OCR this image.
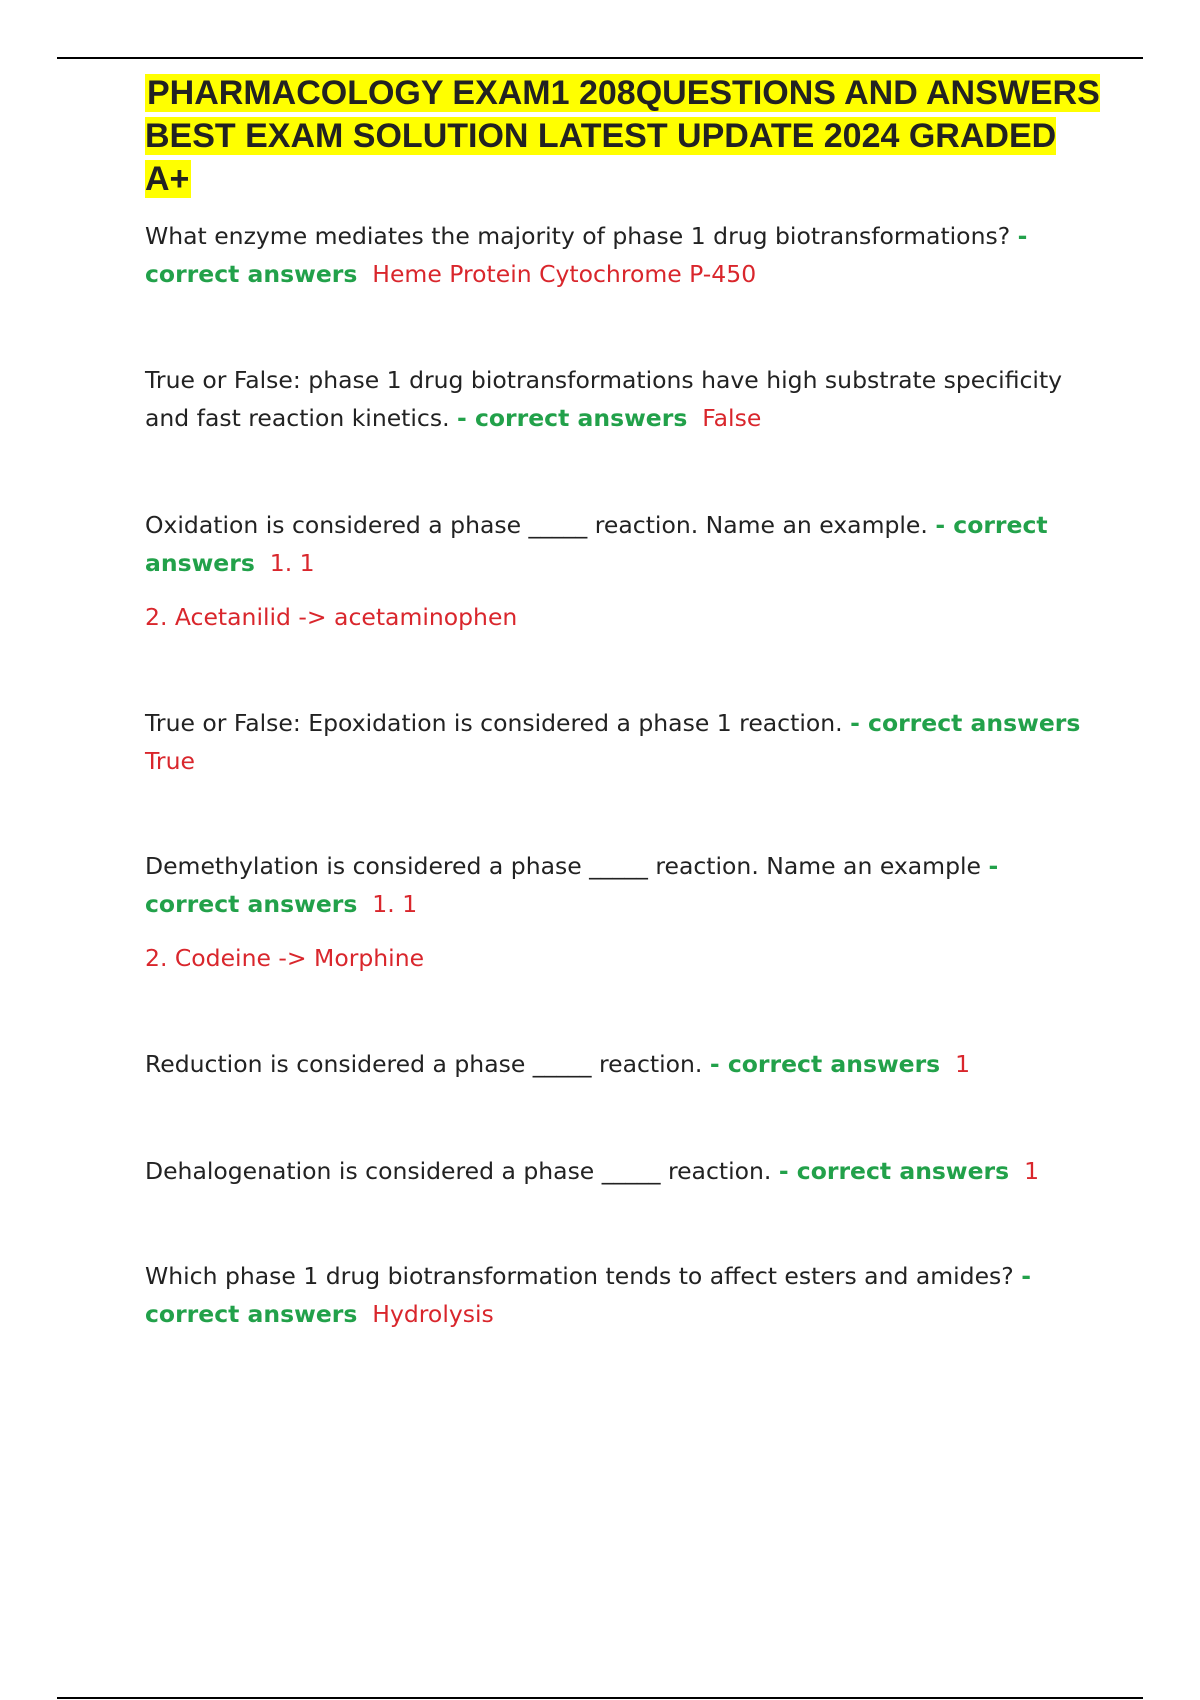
PHARMACOLOGY EXAM1 208QUESTIONS AND ANSWERS BEST EXAM SOLUTION LATEST UPDATE 2024 GRADED A+

What enzyme mediates the majority of phase 1 drug biotransformations? - correct answers Heme Protein Cytochrome P-450

True or False: phase 1 drug biotransformations have high substrate specificity and fast reaction kinetics. - correct answers False

Oxidation is considered a phase _____ reaction. Name an example. - correct answers 1. 1

2. Acetanilid -> acetaminophen

True or False: Epoxidation is considered a phase 1 reaction. - correct answers  True

Demethylation is considered a phase _____ reaction. Name an example - correct answers 1. 1

2. Codeine -> Morphine

Reduction is considered a phase _____ reaction. - correct answers 1

Dehalogenation is considered a phase _____ reaction. - correct answers 1

Which phase 1 drug biotransformation tends to affect esters and amides? - correct answers Hydrolysis
